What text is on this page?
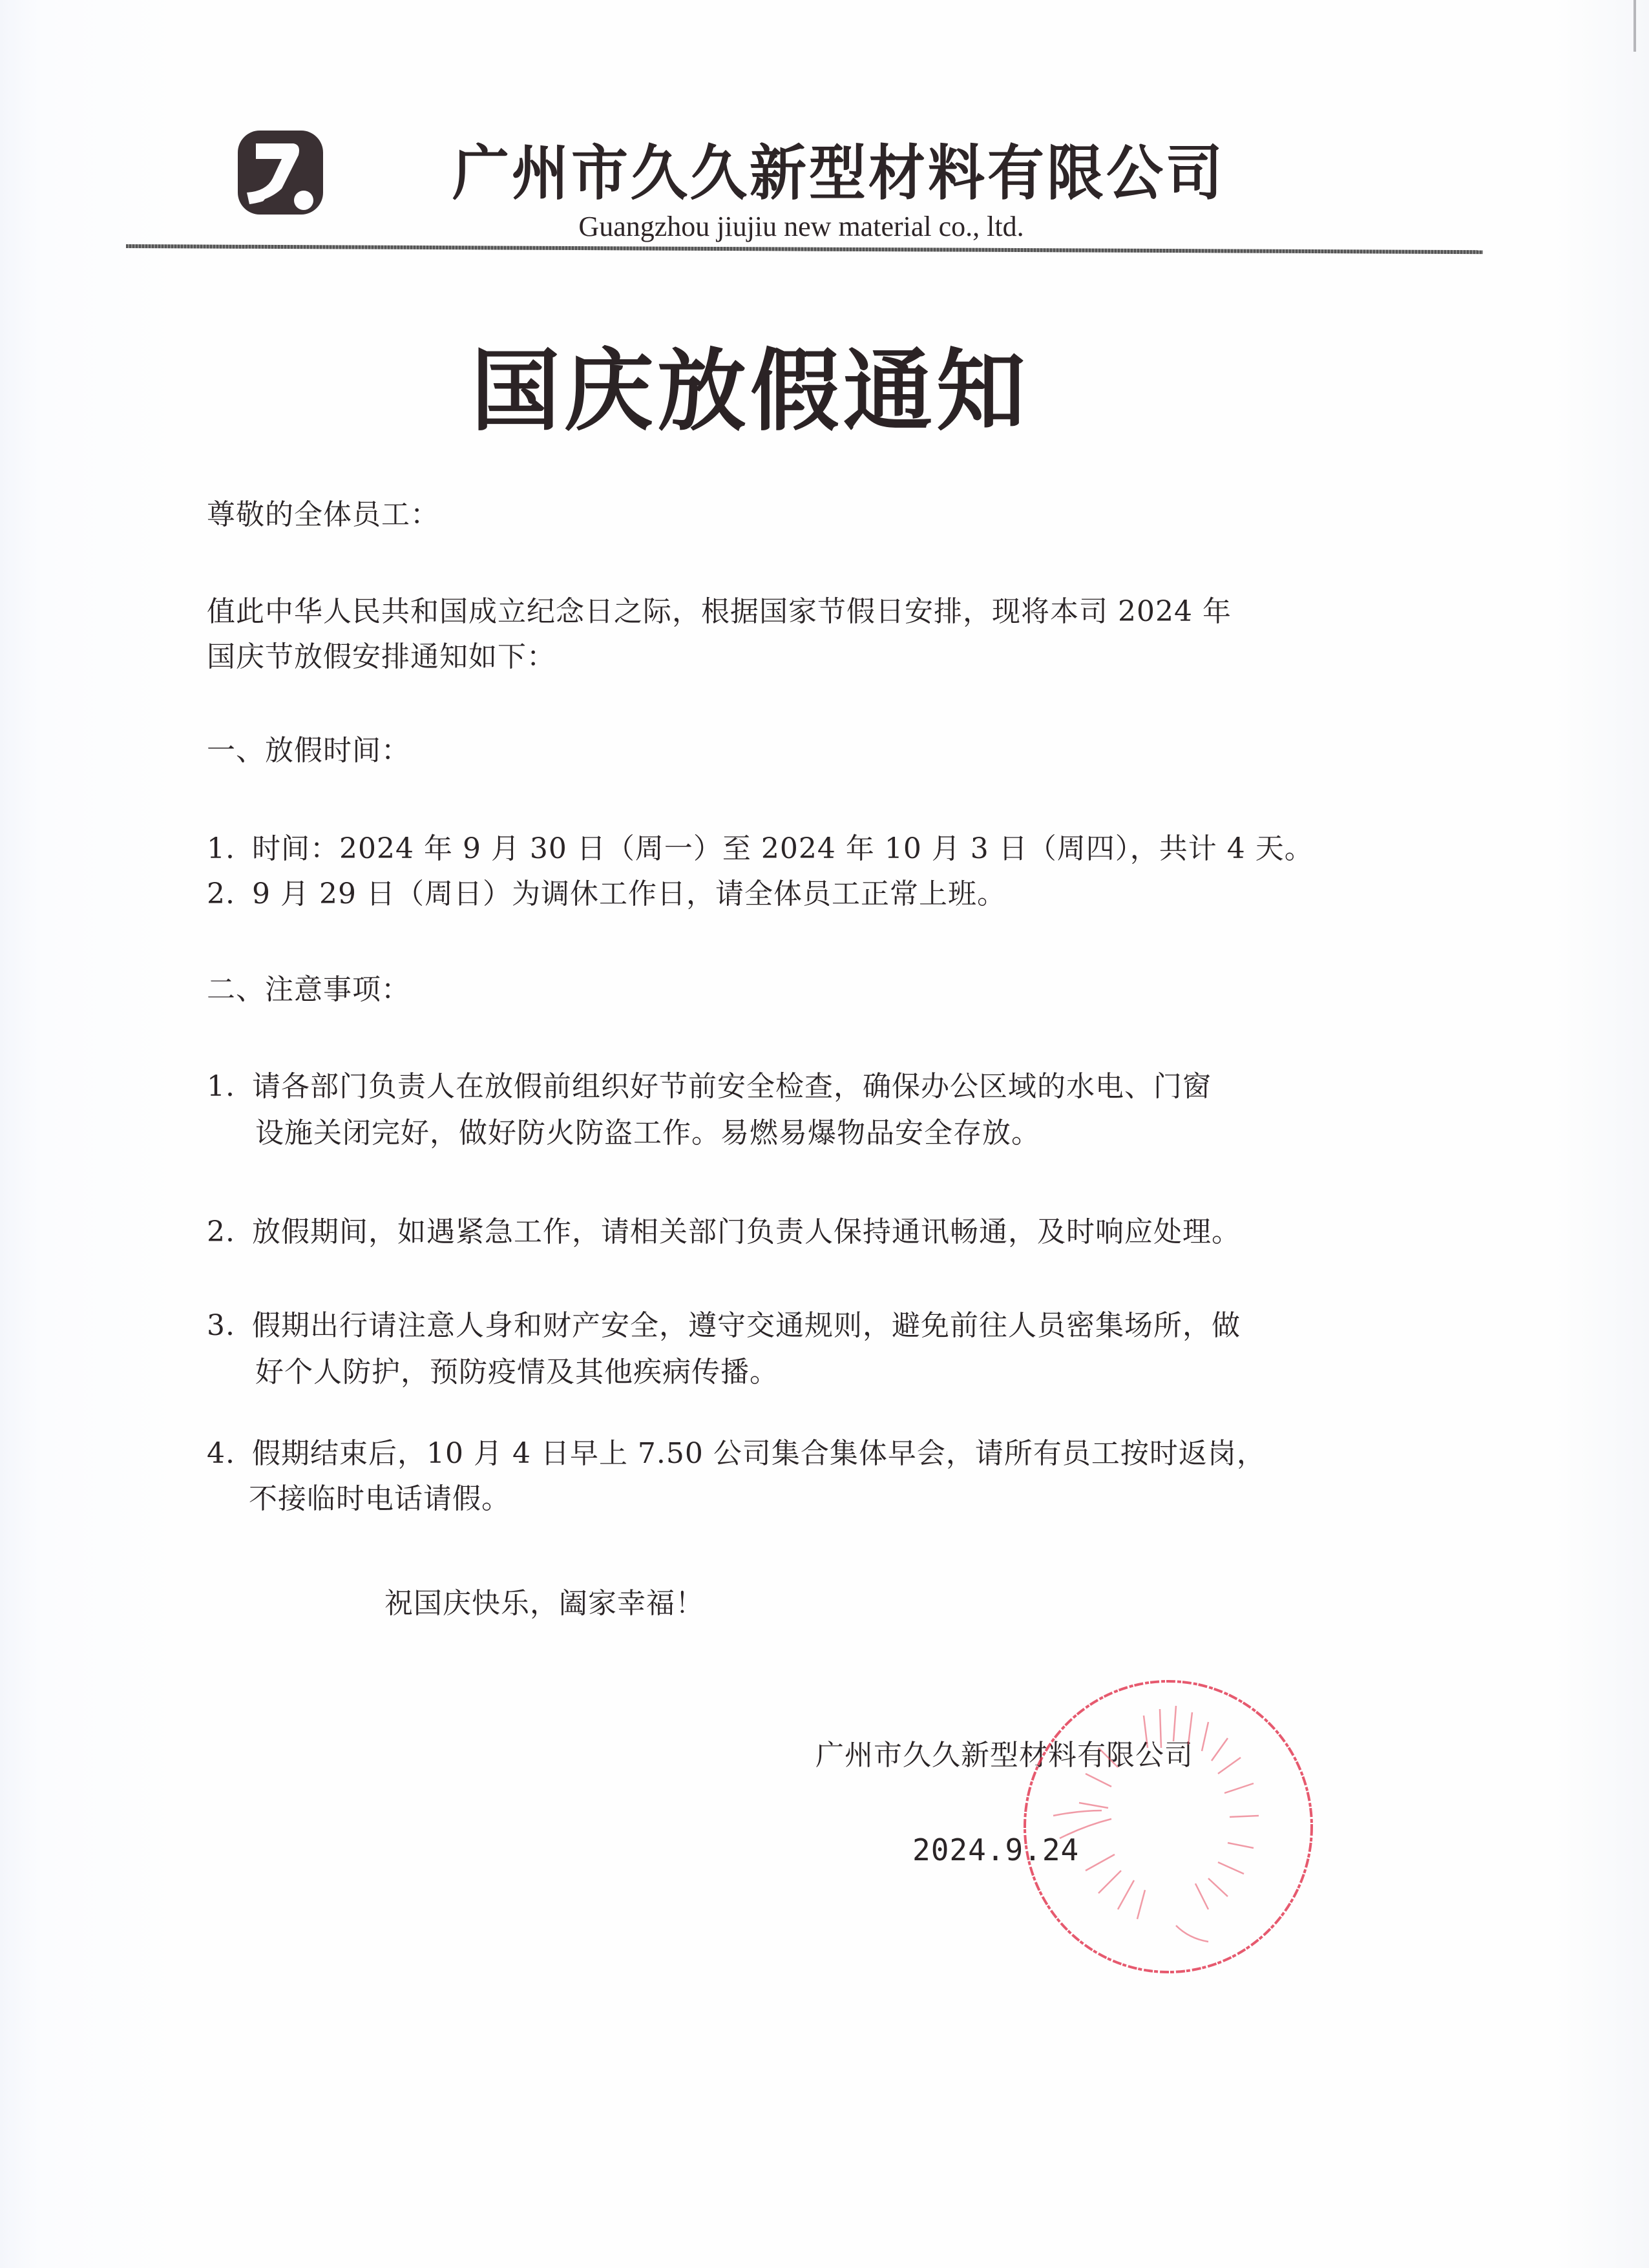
广州市久久新型材料有限公司
Guangzhou jiujiu new material co., ltd.
国庆放假通知
尊敬的全体员工：
值此中华人民共和国成立纪念日之际，根据国家节假日安排，现将本司 2024 年
国庆节放假安排通知如下：
一、放假时间：
1. 时间：2024 年 9 月 30 日（周一）至 2024 年 10 月 3 日（周四），共计 4 天。
2. 9 月 29 日（周日）为调休工作日，请全体员工正常上班。
二、注意事项：
1. 请各部门负责人在放假前组织好节前安全检查，确保办公区域的水电、门窗
设施关闭完好，做好防火防盗工作。易燃易爆物品安全存放。
2. 放假期间，如遇紧急工作，请相关部门负责人保持通讯畅通，及时响应处理。
3. 假期出行请注意人身和财产安全，遵守交通规则，避免前往人员密集场所，做
好个人防护，预防疫情及其他疾病传播。
4. 假期结束后，10 月 4 日早上 7.50 公司集合集体早会，请所有员工按时返岗，
不接临时电话请假。
祝国庆快乐，阖家幸福！
广州市久久新型材料有限公司
2024.9.24
